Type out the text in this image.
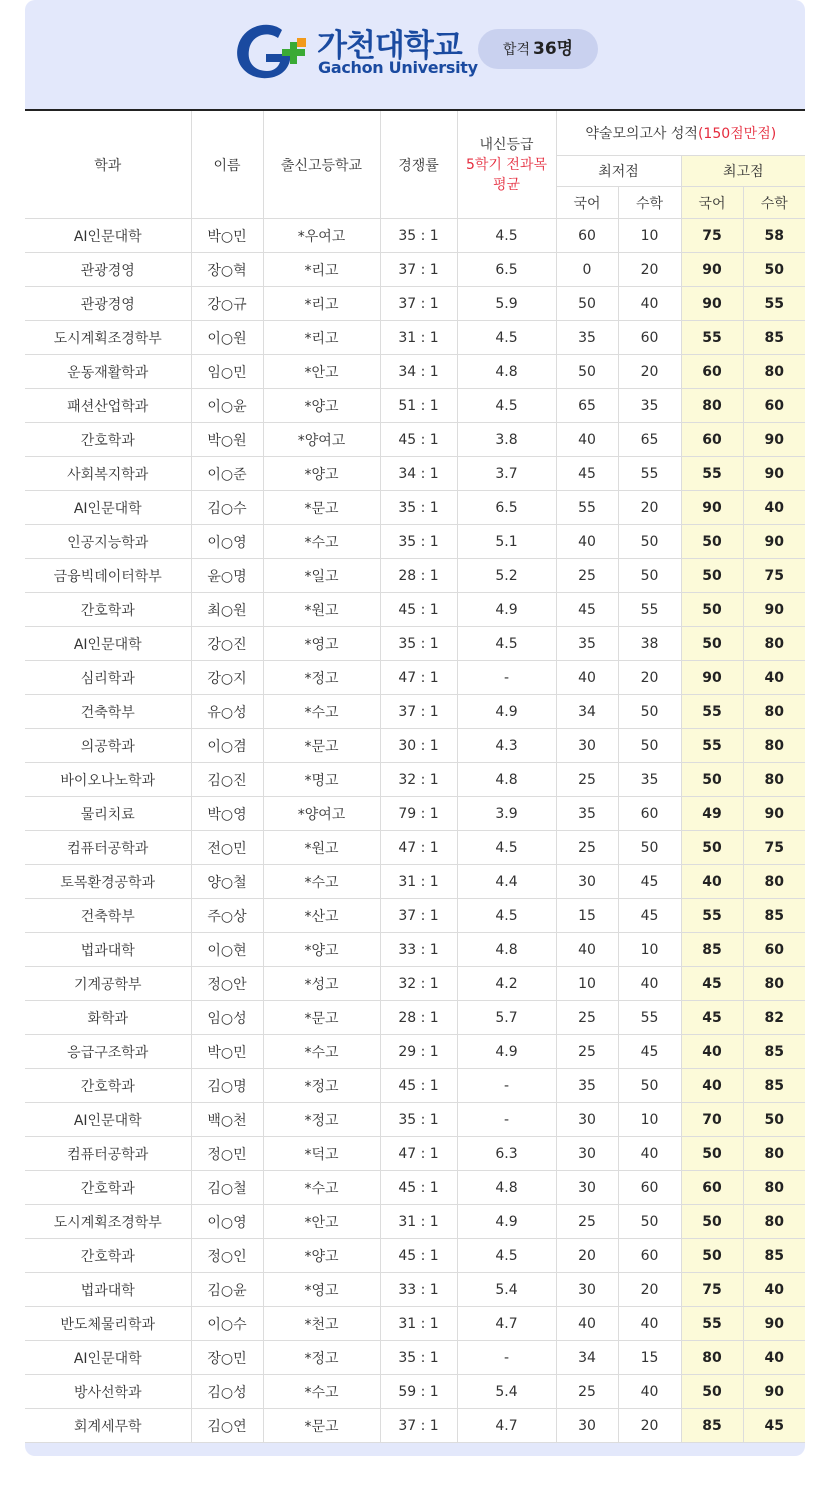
가천대학교
Gachon University
합격 36명
학과	이름	출신고등학교	경쟁률	내신등급
5학기 전과목
평균	약술모의고사 성적(150점만점)			
					최저점		최고점	
					국어	수학	국어	수학
AI인문대학	박○민	*우여고	35 : 1	4.5	60	10	75	58
관광경영	장○혁	*리고	37 : 1	6.5	0	20	90	50
관광경영	강○규	*리고	37 : 1	5.9	50	40	90	55
도시계획조경학부	이○원	*리고	31 : 1	4.5	35	60	55	85
운동재활학과	임○민	*안고	34 : 1	4.8	50	20	60	80
패션산업학과	이○윤	*양고	51 : 1	4.5	65	35	80	60
간호학과	박○원	*양여고	45 : 1	3.8	40	65	60	90
사회복지학과	이○준	*양고	34 : 1	3.7	45	55	55	90
AI인문대학	김○수	*문고	35 : 1	6.5	55	20	90	40
인공지능학과	이○영	*수고	35 : 1	5.1	40	50	50	90
금융빅데이터학부	윤○명	*일고	28 : 1	5.2	25	50	50	75
간호학과	최○원	*원고	45 : 1	4.9	45	55	50	90
AI인문대학	강○진	*영고	35 : 1	4.5	35	38	50	80
심리학과	강○지	*정고	47 : 1	-	40	20	90	40
건축학부	유○성	*수고	37 : 1	4.9	34	50	55	80
의공학과	이○겸	*문고	30 : 1	4.3	30	50	55	80
바이오나노학과	김○진	*명고	32 : 1	4.8	25	35	50	80
물리치료	박○영	*양여고	79 : 1	3.9	35	60	49	90
컴퓨터공학과	전○민	*원고	47 : 1	4.5	25	50	50	75
토목환경공학과	양○철	*수고	31 : 1	4.4	30	45	40	80
건축학부	주○상	*산고	37 : 1	4.5	15	45	55	85
법과대학	이○현	*양고	33 : 1	4.8	40	10	85	60
기계공학부	정○안	*성고	32 : 1	4.2	10	40	45	80
화학과	임○성	*문고	28 : 1	5.7	25	55	45	82
응급구조학과	박○민	*수고	29 : 1	4.9	25	45	40	85
간호학과	김○명	*정고	45 : 1	-	35	50	40	85
AI인문대학	백○천	*정고	35 : 1	-	30	10	70	50
컴퓨터공학과	정○민	*덕고	47 : 1	6.3	30	40	50	80
간호학과	김○철	*수고	45 : 1	4.8	30	60	60	80
도시계획조경학부	이○영	*안고	31 : 1	4.9	25	50	50	80
간호학과	정○인	*양고	45 : 1	4.5	20	60	50	85
법과대학	김○윤	*영고	33 : 1	5.4	30	20	75	40
반도체물리학과	이○수	*천고	31 : 1	4.7	40	40	55	90
AI인문대학	장○민	*정고	35 : 1	-	34	15	80	40
방사선학과	김○성	*수고	59 : 1	5.4	25	40	50	90
회계세무학	김○연	*문고	37 : 1	4.7	30	20	85	45
